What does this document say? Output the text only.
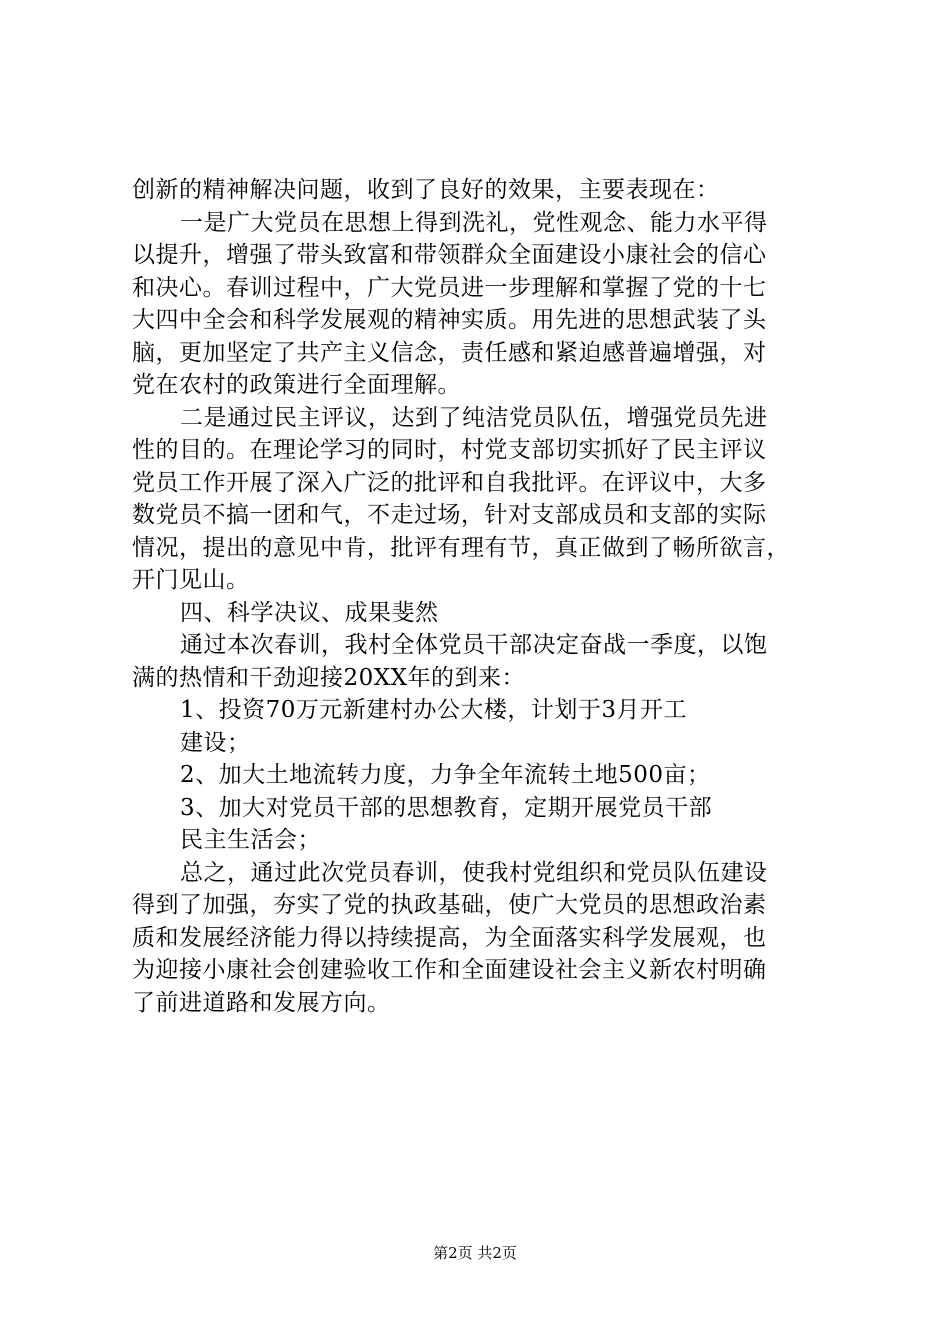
创新的精神解决问题，收到了良好的效果，主要表现在：
一是广大党员在思想上得到洗礼，党性观念、能力水平得
以提升，增强了带头致富和带领群众全面建设小康社会的信心
和决心。春训过程中，广大党员进一步理解和掌握了党的十七
大四中全会和科学发展观的精神实质。用先进的思想武装了头
脑，更加坚定了共产主义信念，责任感和紧迫感普遍增强，对
党在农村的政策进行全面理解。
二是通过民主评议，达到了纯洁党员队伍，增强党员先进
性的目的。在理论学习的同时，村党支部切实抓好了民主评议
党员工作开展了深入广泛的批评和自我批评。在评议中，大多
数党员不搞一团和气，不走过场，针对支部成员和支部的实际
情况，提出的意见中肯，批评有理有节，真正做到了畅所欲言，
开门见山。
四、科学决议、成果斐然
通过本次春训，我村全体党员干部决定奋战一季度，以饱
满的热情和干劲迎接20XX年的到来：
1、投资70万元新建村办公大楼，计划于3月开工
建设；
2、加大土地流转力度，力争全年流转土地500亩；
3、加大对党员干部的思想教育，定期开展党员干部
民主生活会；
总之，通过此次党员春训，使我村党组织和党员队伍建设
得到了加强，夯实了党的执政基础，使广大党员的思想政治素
质和发展经济能力得以持续提高，为全面落实科学发展观，也
为迎接小康社会创建验收工作和全面建设社会主义新农村明确
了前进道路和发展方向。
第2页 共2页
